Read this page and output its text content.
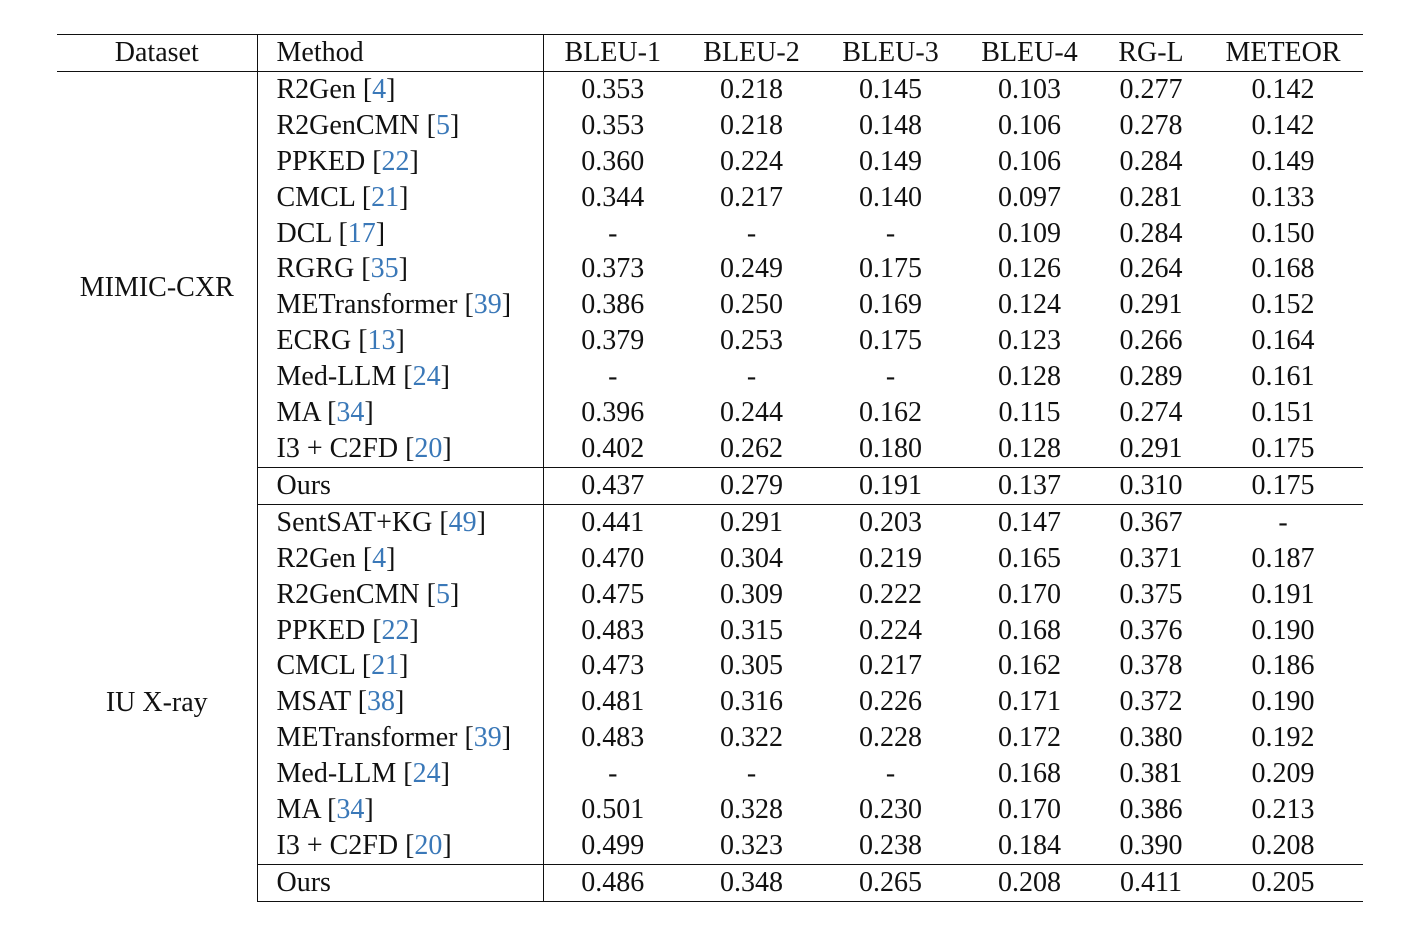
Dataset	Method	BLEU-1	BLEU-2	BLEU-3	BLEU-4	RG-L	METEOR
MIMIC-CXR	R2Gen [4]	0.353	0.218	0.145	0.103	0.277	0.142
	R2GenCMN [5]	0.353	0.218	0.148	0.106	0.278	0.142
	PPKED [22]	0.360	0.224	0.149	0.106	0.284	0.149
	CMCL [21]	0.344	0.217	0.140	0.097	0.281	0.133
	DCL [17]	-	-	-	0.109	0.284	0.150
	RGRG [35]	0.373	0.249	0.175	0.126	0.264	0.168
	METransformer [39]	0.386	0.250	0.169	0.124	0.291	0.152
	ECRG [13]	0.379	0.253	0.175	0.123	0.266	0.164
	Med-LLM [24]	-	-	-	0.128	0.289	0.161
	MA [34]	0.396	0.244	0.162	0.115	0.274	0.151
	I3 + C2FD [20]	0.402	0.262	0.180	0.128	0.291	0.175
	Ours	0.437	0.279	0.191	0.137	0.310	0.175
IU X-ray	SentSAT+KG [49]	0.441	0.291	0.203	0.147	0.367	-
	R2Gen [4]	0.470	0.304	0.219	0.165	0.371	0.187
	R2GenCMN [5]	0.475	0.309	0.222	0.170	0.375	0.191
	PPKED [22]	0.483	0.315	0.224	0.168	0.376	0.190
	CMCL [21]	0.473	0.305	0.217	0.162	0.378	0.186
	MSAT [38]	0.481	0.316	0.226	0.171	0.372	0.190
	METransformer [39]	0.483	0.322	0.228	0.172	0.380	0.192
	Med-LLM [24]	-	-	-	0.168	0.381	0.209
	MA [34]	0.501	0.328	0.230	0.170	0.386	0.213
	I3 + C2FD [20]	0.499	0.323	0.238	0.184	0.390	0.208
	Ours	0.486	0.348	0.265	0.208	0.411	0.205
